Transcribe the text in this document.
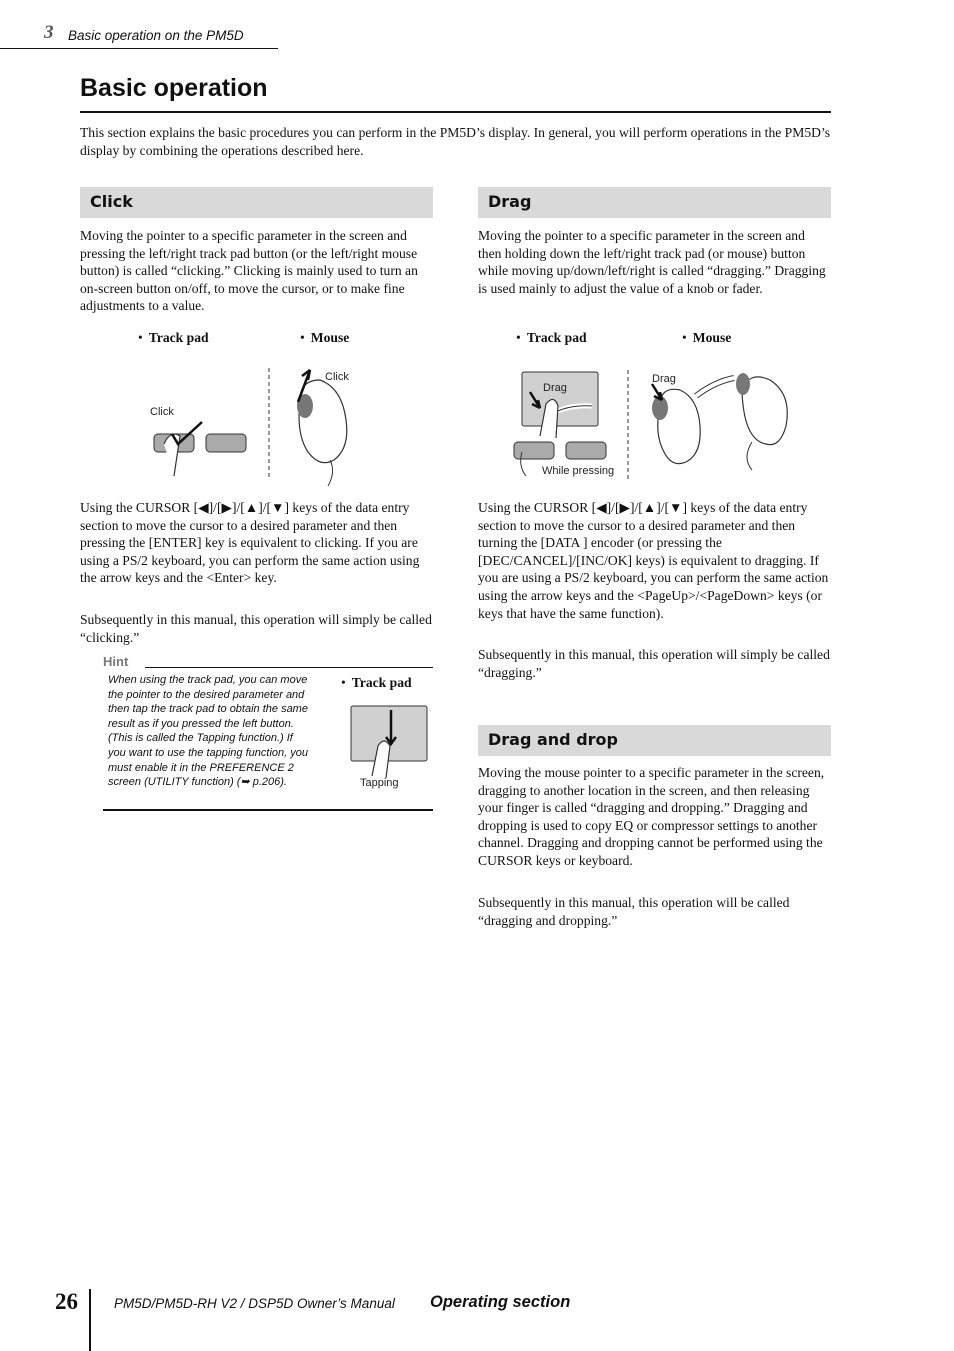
3 Basic operation on the PM5D
Basic operation

This section explains the basic procedures you can perform in the PM5D’s display. In general, you will perform operations in the PM5D’s display by combining the operations described here.

Click

Moving the pointer to a specific parameter in the screen and pressing the left/right track pad button (or the left/right mouse button) is called “clicking.” Clicking is mainly used to turn an on-screen button on/off, to move the cursor, or to make fine adjustments to a value.

• Track pad	• Mouse
Click
Click

Using the CURSOR [◀]/[▶]/[▲]/[▼] keys of the data entry section to move the cursor to a desired parameter and then pressing the [ENTER] key is equivalent to clicking. If you are using a PS/2 keyboard, you can perform the same action using the arrow keys and the <Enter> key.

Subsequently in this manual, this operation will simply be called “clicking.”

Hint

When using the track pad, you can move the pointer to the desired parameter and then tap the track pad to obtain the same result as if you pressed the left button. (This is called the Tapping function.) If you want to use the tapping function, you must enable it in the PREFERENCE 2 screen (UTILITY function) (➥ p.206).

• Track pad
Tapping
Drag

Moving the pointer to a specific parameter in the screen and then holding down the left/right track pad (or mouse) button while moving up/down/left/right is called “dragging.” Dragging is used mainly to adjust the value of a knob or fader.

• Track pad	• Mouse
Drag
Drag
While pressing

Using the CURSOR [◀]/[▶]/[▲]/[▼] keys of the data entry section to move the cursor to a desired parameter and then turning the [DATA ] encoder (or pressing the [DEC/CANCEL]/[INC/OK] keys) is equivalent to dragging. If you are using a PS/2 keyboard, you can perform the same action using the arrow keys and the <PageUp>/<PageDown> keys (or keys that have the same function).

Subsequently in this manual, this operation will simply be called “dragging.”

Drag and drop

Moving the mouse pointer to a specific parameter in the screen, dragging to another location in the screen, and then releasing your finger is called “dragging and dropping.” Dragging and dropping is used to copy EQ or compressor settings to another channel. Dragging and dropping cannot be performed using the CURSOR keys or keyboard.

Subsequently in this manual, this operation will be called “dragging and dropping.”

26	PM5D/PM5D-RH V2 / DSP5D Owner’s Manual Operating section
